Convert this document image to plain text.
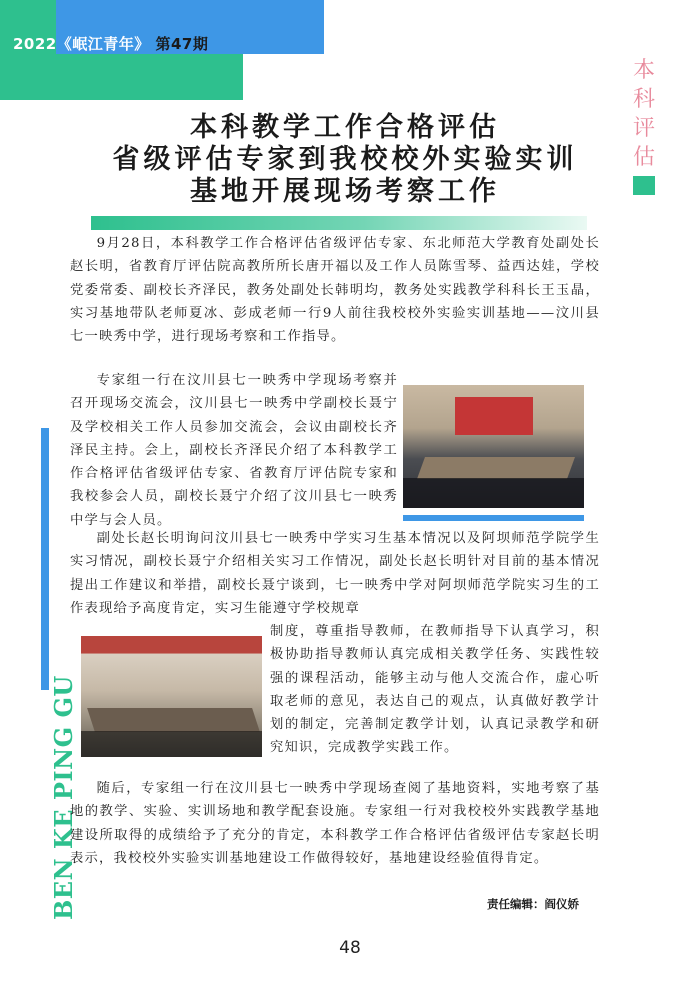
2022《岷江青年》 第47期
本
科
评
估
BEN KE PING GU
本科教学工作合格评估
省级评估专家到我校校外实验实训
基地开展现场考察工作
9月28日，本科教学工作合格评估省级评估专家、东北师范大学教育处副处长赵长明，省教育厅评估院高教所所长唐开福以及工作人员陈雪琴、益西达娃，学校党委常委、副校长齐泽民，教务处副处长韩明均，教务处实践教学科科长王玉晶，实习基地带队老师夏冰、彭成老师一行9人前往我校校外实验实训基地——汶川县七一映秀中学，进行现场考察和工作指导。
专家组一行在汶川县七一映秀中学现场考察并召开现场交流会，汶川县七一映秀中学副校长聂宁及学校相关工作人员参加交流会，会议由副校长齐泽民主持。会上，副校长齐泽民介绍了本科教学工作合格评估省级评估专家、省教育厅评估院专家和我校参会人员，副校长聂宁介绍了汶川县七一映秀中学与会人员。
副处长赵长明询问汶川县七一映秀中学实习生基本情况以及阿坝师范学院学生实习情况，副校长聂宁介绍相关实习工作情况，副处长赵长明针对目前的基本情况提出工作建议和举措，副校长聂宁谈到，七一映秀中学对阿坝师范学院实习生的工作表现给予高度肯定，实习生能遵守学校规章
制度，尊重指导教师，在教师指导下认真学习，积极协助指导教师认真完成相关教学任务、实践性较强的课程活动，能够主动与他人交流合作，虚心听取老师的意见，表达自己的观点，认真做好教学计划的制定，完善制定教学计划，认真记录教学和研究知识，完成教学实践工作。
随后，专家组一行在汶川县七一映秀中学现场查阅了基地资料，实地考察了基地的教学、实验、实训场地和教学配套设施。专家组一行对我校校外实践教学基地建设所取得的成绩给予了充分的肯定，本科教学工作合格评估省级评估专家赵长明表示，我校校外实验实训基地建设工作做得较好，基地建设经验值得肯定。
责任编辑：阎仪娇
48
